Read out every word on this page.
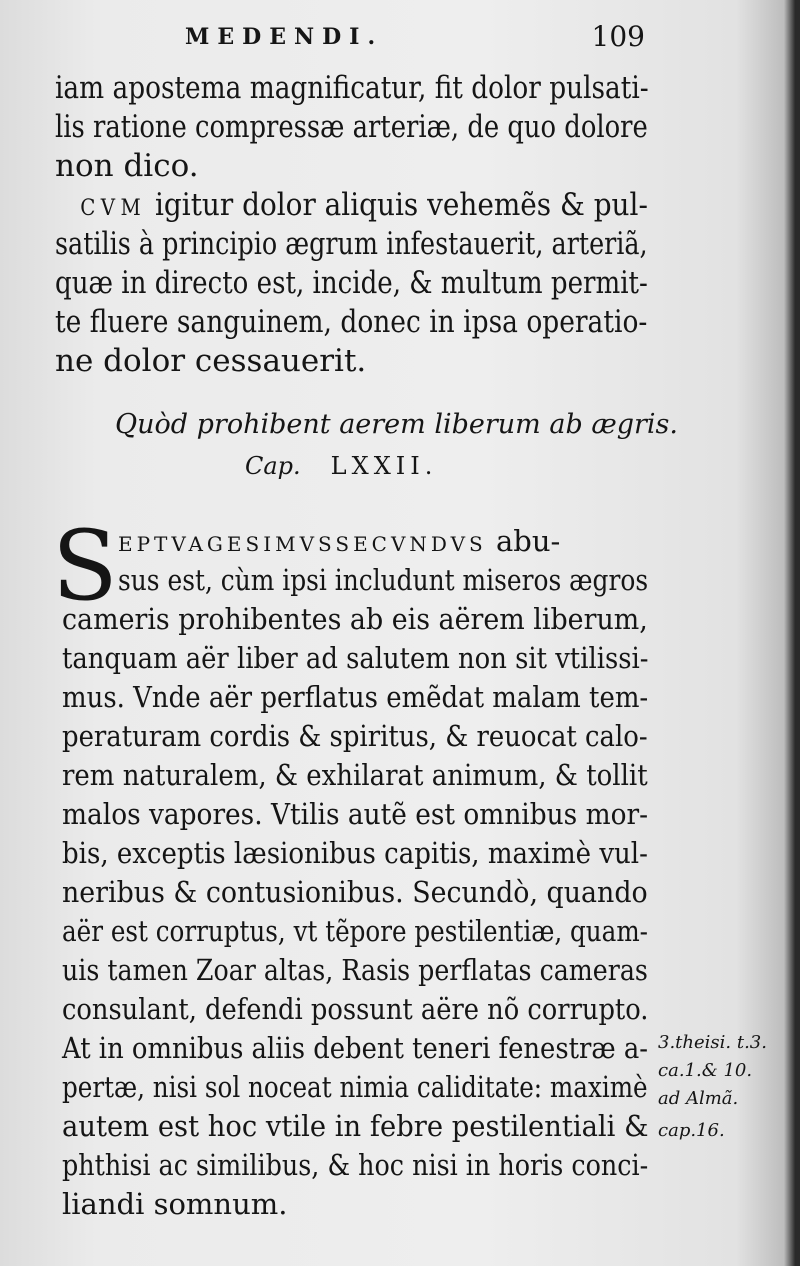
MEDENDI.	109
iam apostema magnificatur, fit dolor pulsati-
lis ratione compressæ arteriæ, de quo dolore
non dico.
CVM igitur dolor aliquis vehemẽs & pul-
satilis à principio ægrum infestauerit, arteriã,
quæ in directo est, incide, & multum permit-
te fluere sanguinem, donec in ipsa operatio-
ne dolor cessauerit.
Quòd prohibent aerem liberum ab ægris.
Cap. LXXII.
S EPTVAGESIMVSSECVNDVS abu-
sus est, cùm ipsi includunt miseros ægros
cameris prohibentes ab eis aërem liberum,
tanquam aër liber ad salutem non sit vtilissi-
mus. Vnde aër perflatus emẽdat malam tem-
peraturam cordis & spiritus, & reuocat calo-
rem naturalem, & exhilarat animum, & tollit
malos vapores. Vtilis autẽ est omnibus mor-
bis, exceptis læsionibus capitis, maximè vul-
neribus & contusionibus. Secundò, quando
aër est corruptus, vt tẽpore pestilentiæ, quam-
uis tamen Zoar altas, Rasis perflatas cameras
consulant, defendi possunt aëre nõ corrupto.
At in omnibus aliis debent teneri fenestræ a-
pertæ, nisi sol noceat nimia caliditate: maximè
autem est hoc vtile in febre pestilentiali &
phthisi ac similibus, & hoc nisi in horis conci-
liandi somnum.
3.theisi. t.3.
ca.1.& 10.
ad Almã.
cap.16.
